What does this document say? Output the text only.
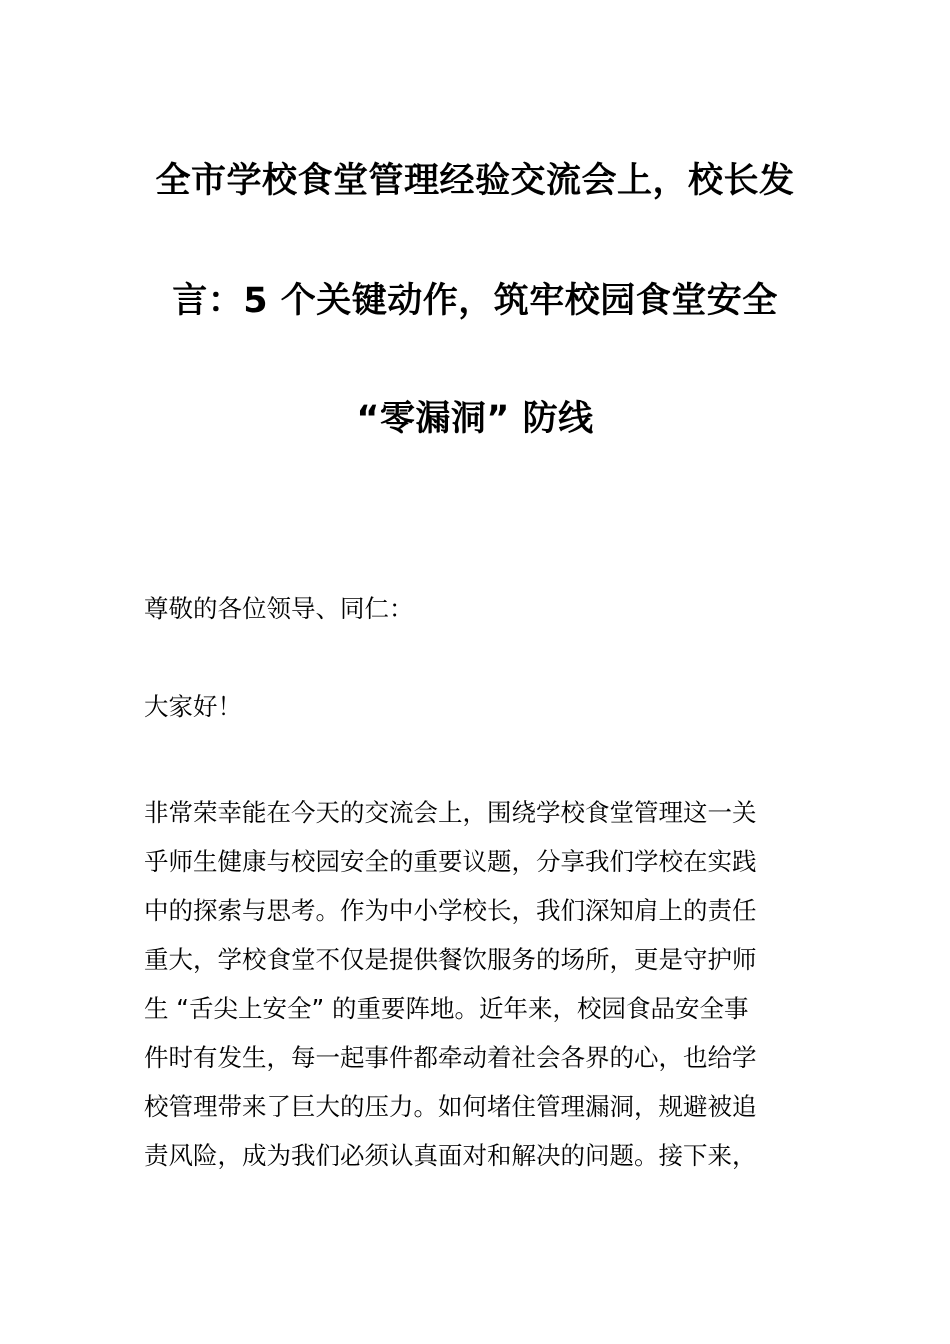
全市学校食堂管理经验交流会上，校长发
言：5 个关键动作，筑牢校园食堂安全
“零漏洞” 防线
尊敬的各位领导、同仁：
大家好！
非常荣幸能在今天的交流会上，围绕学校食堂管理这一关
乎师生健康与校园安全的重要议题，分享我们学校在实践
中的探索与思考。作为中小学校长，我们深知肩上的责任
重大，学校食堂不仅是提供餐饮服务的场所，更是守护师
生 “舌尖上安全” 的重要阵地。近年来，校园食品安全事
件时有发生，每一起事件都牵动着社会各界的心，也给学
校管理带来了巨大的压力。如何堵住管理漏洞，规避被追
责风险，成为我们必须认真面对和解决的问题。接下来，
